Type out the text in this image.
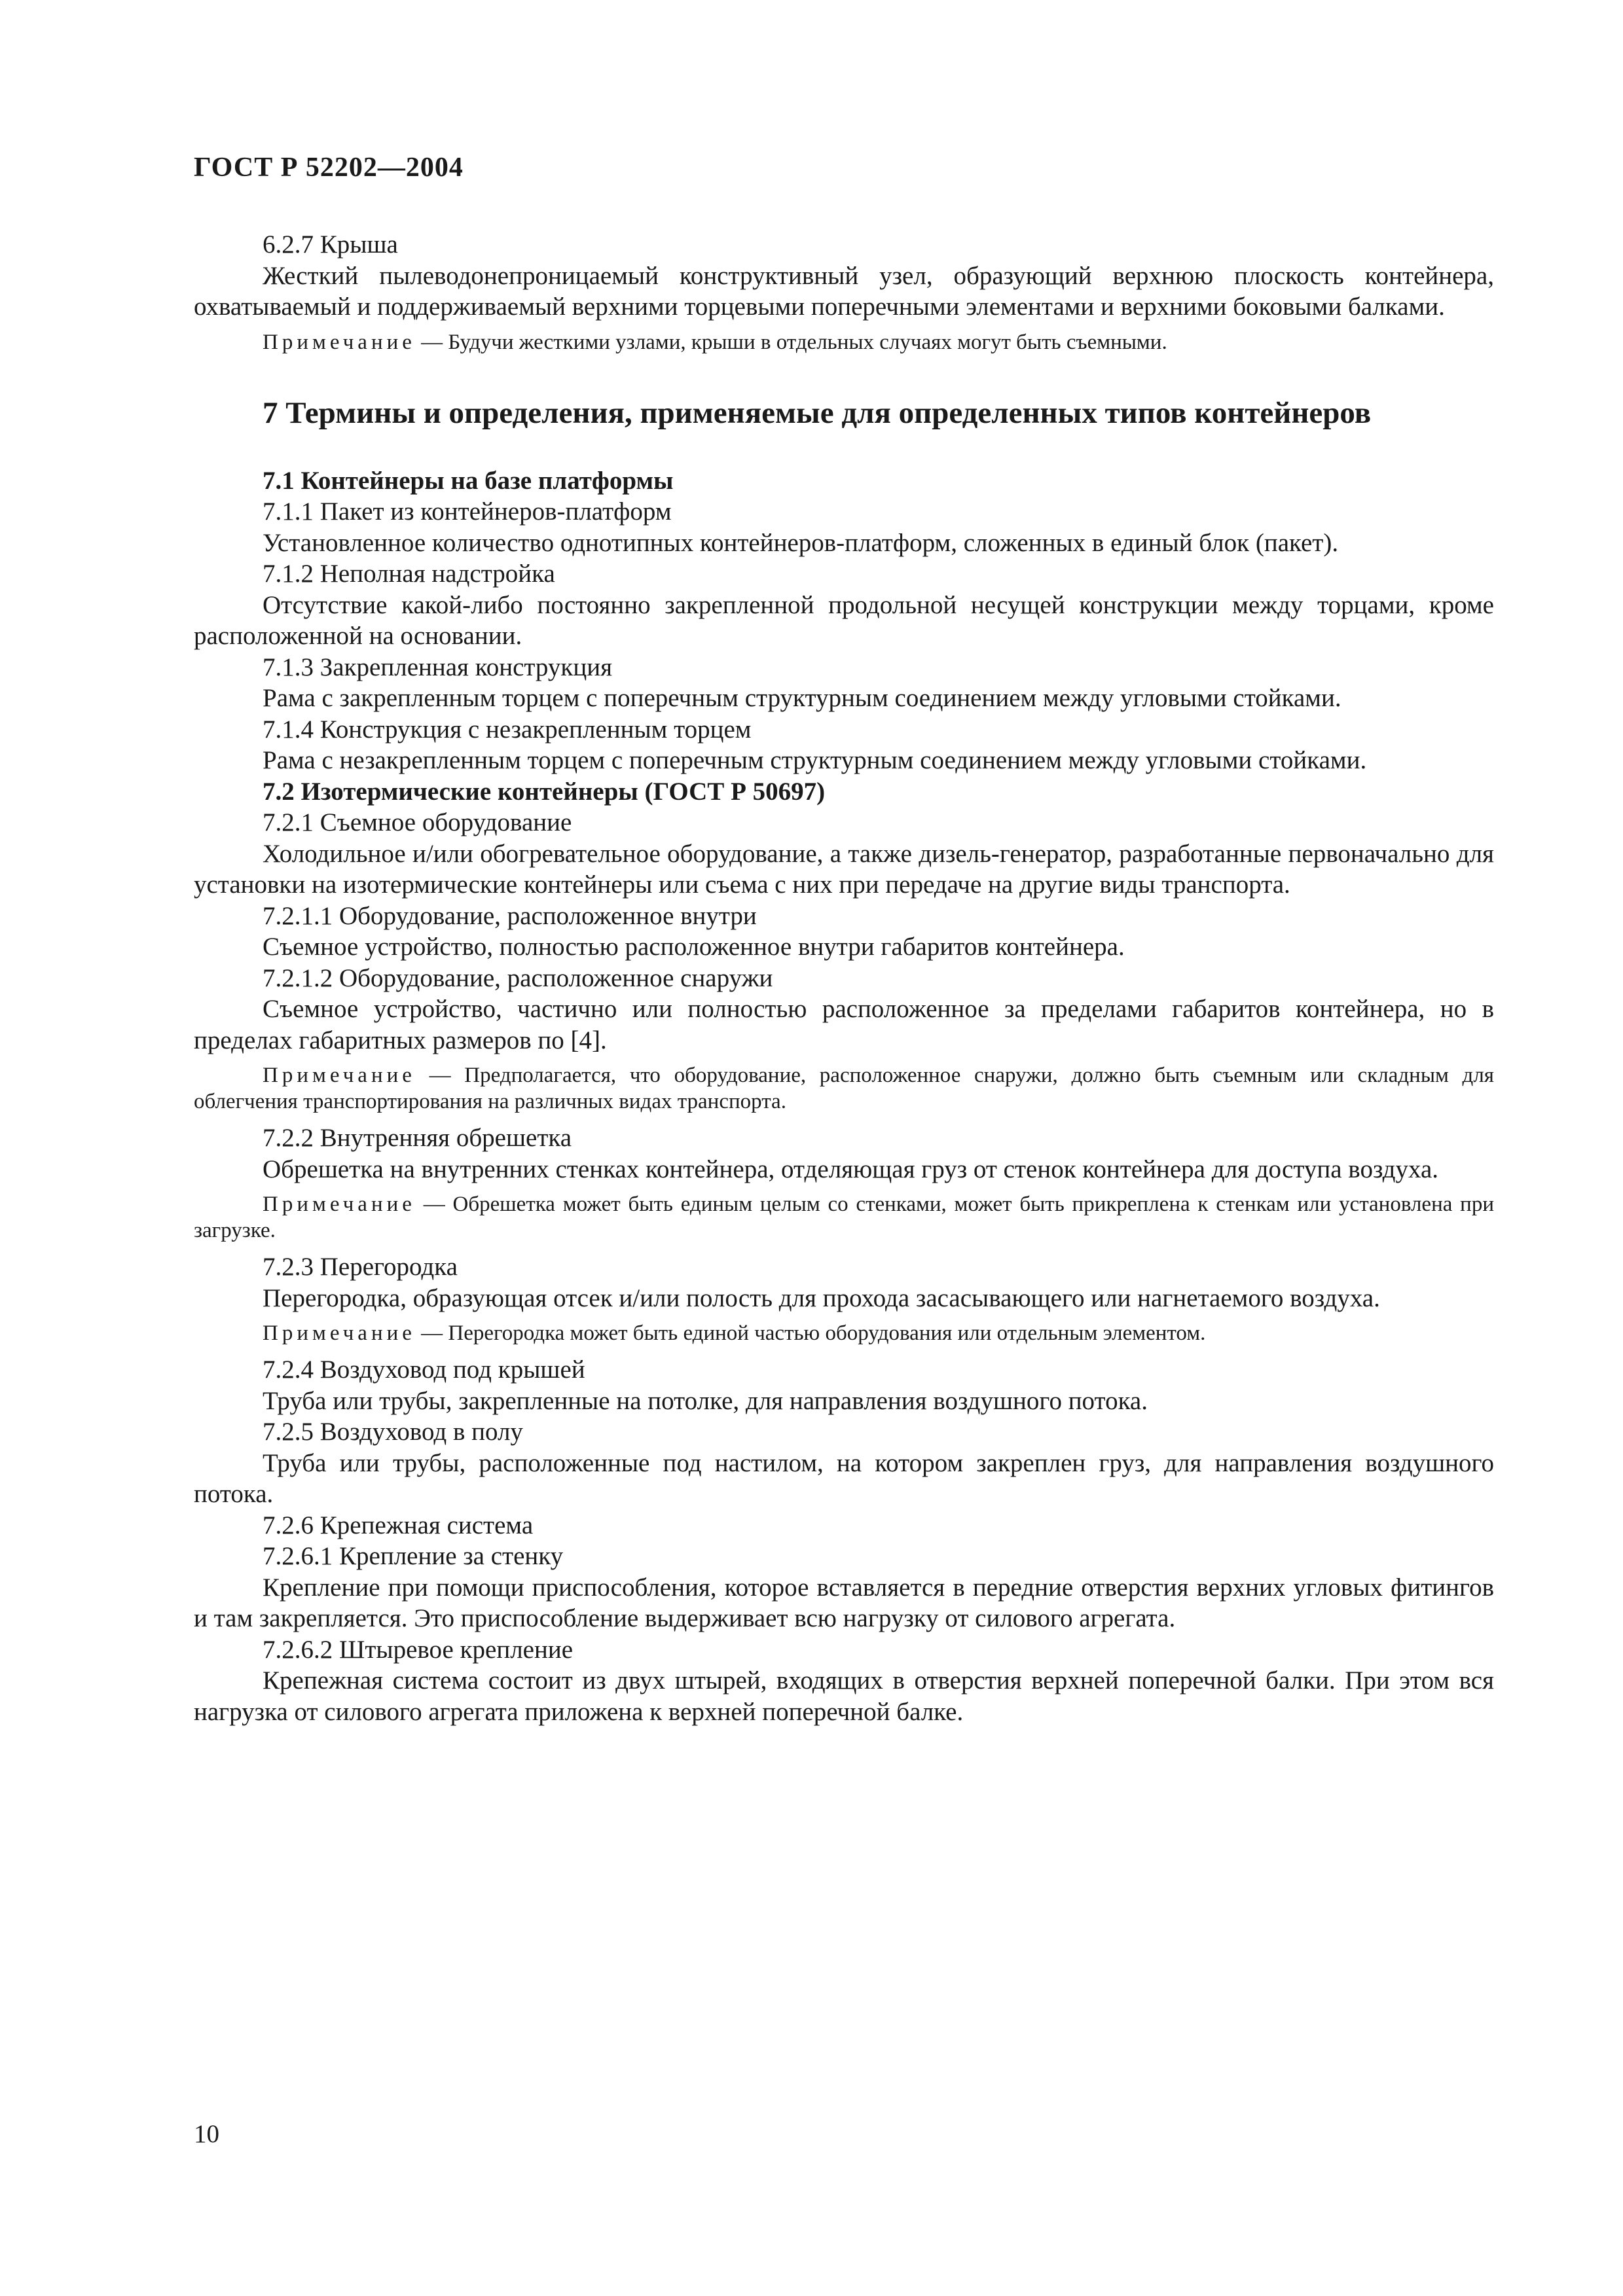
ГОСТ Р 52202—2004

6.2.7 Крыша

Жесткий пылеводонепроницаемый конструктивный узел, образующий верхнюю плоскость контейнера, охватываемый и поддерживаемый верхними торцевыми поперечными элементами и верхними боковыми балками.

Примечание — Будучи жесткими узлами, крыши в отдельных случаях могут быть съемными.

7 Термины и определения, применяемые для определенных типов контейнеров

7.1 Контейнеры на базе платформы

7.1.1 Пакет из контейнеров-платформ

Установленное количество однотипных контейнеров-платформ, сложенных в единый блок (пакет).

7.1.2 Неполная надстройка

Отсутствие какой-либо постоянно закрепленной продольной несущей конструкции между торцами, кроме расположенной на основании.

7.1.3 Закрепленная конструкция

Рама с закрепленным торцем с поперечным структурным соединением между угловыми стойками.

7.1.4 Конструкция с незакрепленным торцем

Рама с незакрепленным торцем с поперечным структурным соединением между угловыми стойками.

7.2 Изотермические контейнеры (ГОСТ Р 50697)

7.2.1 Съемное оборудование

Холодильное и/или обогревательное оборудование, а также дизель-генератор, разработанные первоначально для установки на изотермические контейнеры или съема с них при передаче на другие виды транспорта.

7.2.1.1 Оборудование, расположенное внутри

Съемное устройство, полностью расположенное внутри габаритов контейнера.

7.2.1.2 Оборудование, расположенное снаружи

Съемное устройство, частично или полностью расположенное за пределами габаритов контейнера, но в пределах габаритных размеров по [4].

Примечание — Предполагается, что оборудование, расположенное снаружи, должно быть съемным или складным для облегчения транспортирования на различных видах транспорта.

7.2.2 Внутренняя обрешетка

Обрешетка на внутренних стенках контейнера, отделяющая груз от стенок контейнера для доступа воздуха.

Примечание — Обрешетка может быть единым целым со стенками, может быть прикреплена к стенкам или установлена при загрузке.

7.2.3 Перегородка

Перегородка, образующая отсек и/или полость для прохода засасывающего или нагнетаемого воздуха.

Примечание — Перегородка может быть единой частью оборудования или отдельным элементом.

7.2.4 Воздуховод под крышей

Труба или трубы, закрепленные на потолке, для направления воздушного потока.

7.2.5 Воздуховод в полу

Труба или трубы, расположенные под настилом, на котором закреплен груз, для направления воздушного потока.

7.2.6 Крепежная система

7.2.6.1 Крепление за стенку

Крепление при помощи приспособления, которое вставляется в передние отверстия верхних угловых фитингов и там закрепляется. Это приспособление выдерживает всю нагрузку от силового агрегата.

7.2.6.2 Штыревое крепление

Крепежная система состоит из двух штырей, входящих в отверстия верхней поперечной балки. При этом вся нагрузка от силового агрегата приложена к верхней поперечной балке.

10
